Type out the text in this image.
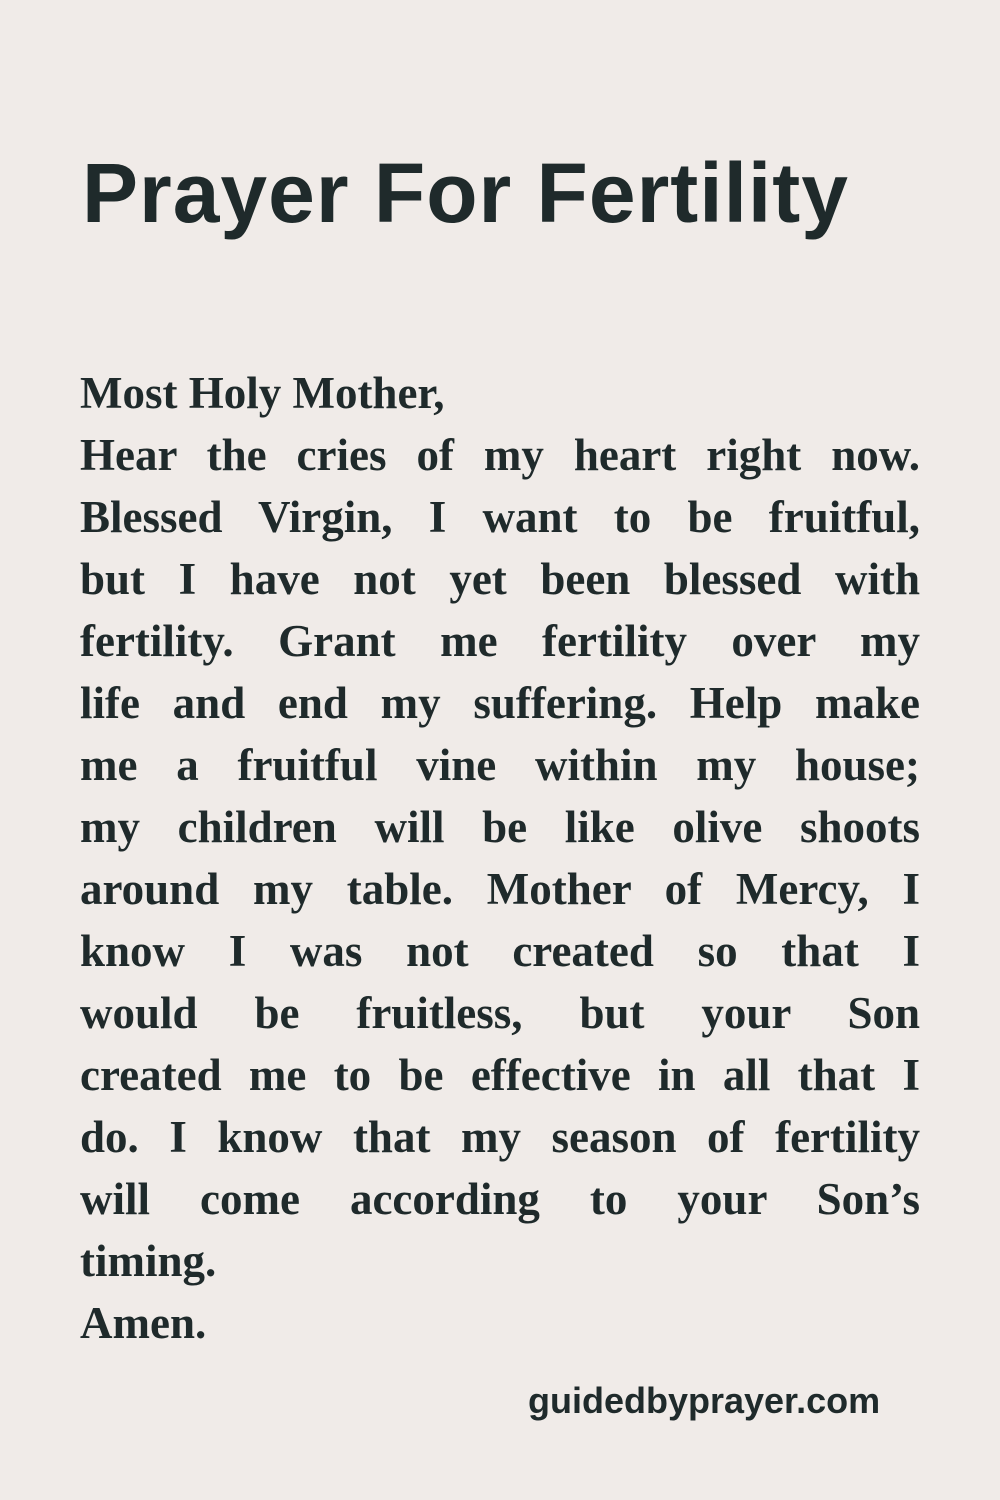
Prayer For Fertility
Most Holy Mother,
Hear the cries of my heart right now.
Blessed Virgin, I want to be fruitful,
but I have not yet been blessed with
fertility. Grant me fertility over my
life and end my suffering. Help make
me a fruitful vine within my house;
my children will be like olive shoots
around my table. Mother of Mercy, I
know I was not created so that I
would be fruitless, but your Son
created me to be effective in all that I
do. I know that my season of fertility
will come according to your Son’s
timing.
Amen.
guidedbyprayer.com
